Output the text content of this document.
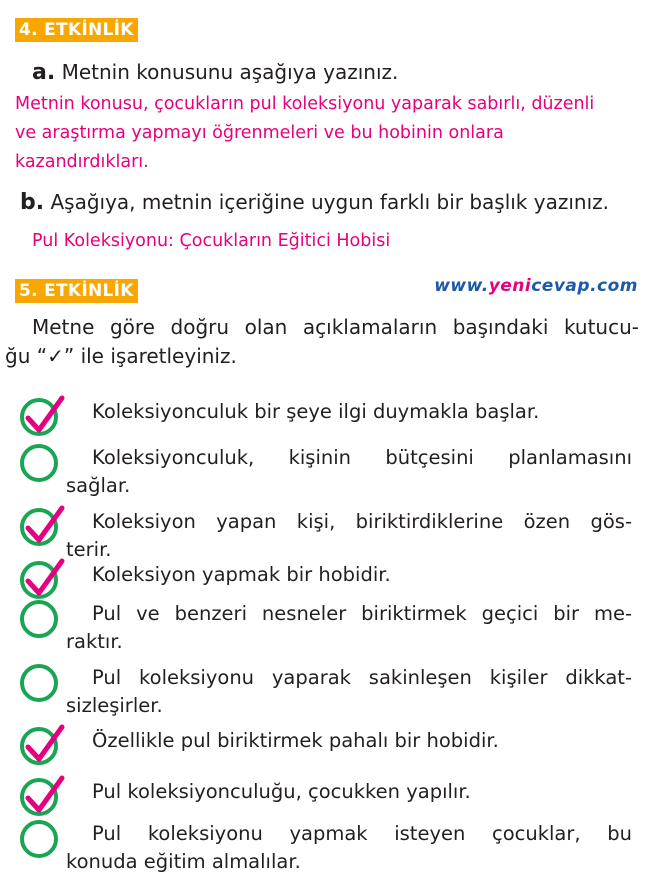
4. ETKİNLİK
a. Metnin konusunu aşağıya yazınız.
Metnin konusu, çocukların pul koleksiyonu yaparak sabırlı, düzenli
ve araştırma yapmayı öğrenmeleri ve bu hobinin onlara
kazandırdıkları.
b. Aşağıya, metnin içeriğine uygun farklı bir başlık yazınız.
Pul Koleksiyonu: Çocukların Eğitici Hobisi
5. ETKİNLİK	www.yenicevap.com
Metne göre doğru olan açıklamaların başındaki kutucu-
ğu “✓” ile işaretleyiniz.
Koleksiyonculuk bir şeye ilgi duymakla başlar.
Koleksiyonculuk, kişinin bütçesini planlamasını
sağlar.
Koleksiyon yapan kişi, biriktirdiklerine özen gös-
terir.
Koleksiyon yapmak bir hobidir.
Pul ve benzeri nesneler biriktirmek geçici bir me-
raktır.
Pul koleksiyonu yaparak sakinleşen kişiler dikkat-
sizleşirler.
Özellikle pul biriktirmek pahalı bir hobidir.
Pul koleksiyonculuğu, çocukken yapılır.
Pul koleksiyonu yapmak isteyen çocuklar, bu
konuda eğitim almalılar.
